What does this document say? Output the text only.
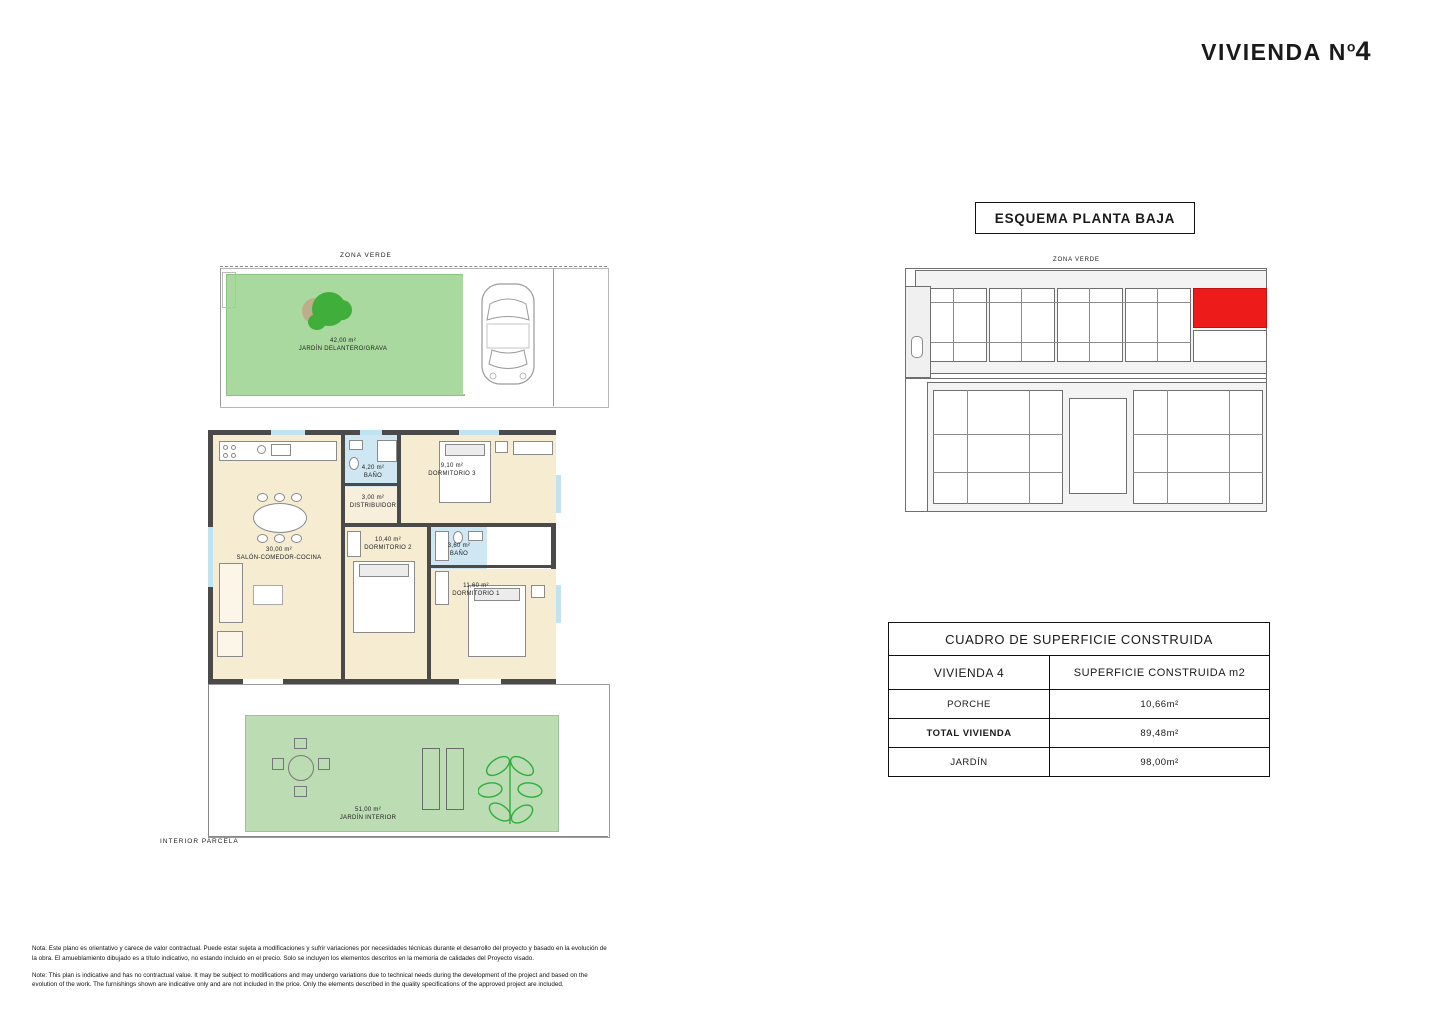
VIVIENDA $N^o4$
ZONA VERDE
INTERIOR PARCELA
42,00 m²
JARDÍN DELANTERO/GRAVA
4,20 m²
BAÑO
9,10 m²
DORMITORIO 3
3,00 m²
DISTRIBUIDOR
30,00 m²
SALÓN-COMEDOR-COCINA
10,40 m²
DORMITORIO 2	3,60 m²
BAÑO
11,60 m²
DORMITORIO 1
51,00 m²
JARDÍN INTERIOR
ESQUEMA PLANTA BAJA
ZONA VERDE
CUADRO DE SUPERFICIE CONSTRUIDA
VIVIENDA 4	SUPERFICIE CONSTRUIDA m2
PORCHE	10,66m²
TOTAL VIVIENDA	89,48m²
JARDÍN	98,00m²

Nota: Este plano es orientativo y carece de valor contractual. Puede estar sujeta a modificaciones y sufrir variaciones por necesidades técnicas durante el desarrollo del proyecto y basado en la evolución de la obra. El amueblamiento dibujado es a título indicativo, no estando incluido en el precio. Solo se incluyen los elementos descritos en la memoria de calidades del Proyecto visado.

Note: This plan is indicative and has no contractual value. It may be subject to modifications and may undergo variations due to technical needs during the development of the project and based on the evolution of the work. The furnishings shown are indicative only and are not included in the price. Only the elements described in the quality specifications of the approved project are included.
